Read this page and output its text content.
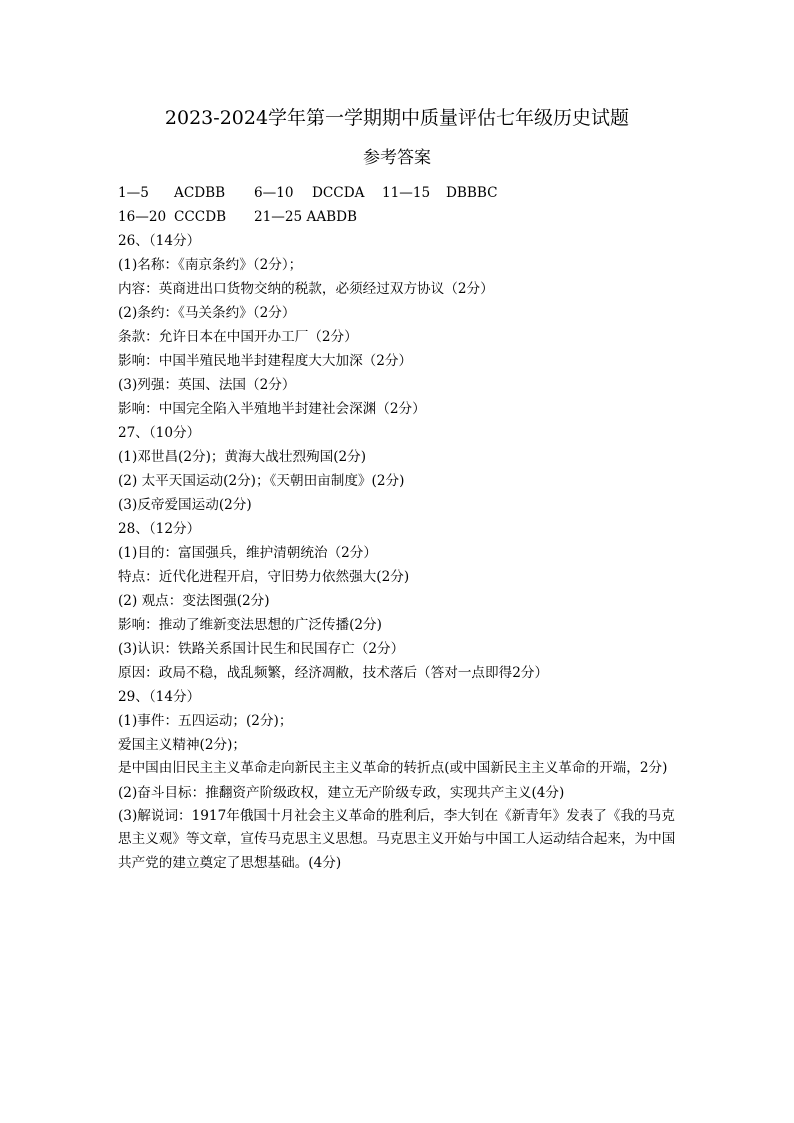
2023-2024学年第一学期期中质量评估七年级历史试题
参考答案
1—5 ACDBB 6—10 DCCDA 11—15 DBBBC
16—20 CCCDB 21—25 AABDB
26、（14分）
(1)名称：《南京条约》（2分）；
内容：英商进出口货物交纳的税款，必须经过双方协议（2分）
(2)条约：《马关条约》（2分）
条款：允许日本在中国开办工厂（2分）
影响：中国半殖民地半封建程度大大加深（2分）
(3)列强：英国、法国（2分）
影响：中国完全陷入半殖地半封建社会深渊（2分）
27、（10分）
(1)邓世昌(2分)；黄海大战壮烈殉国(2分)
(2) 太平天国运动(2分)；《天朝田亩制度》(2分)
(3)反帝爱国运动(2分)
28、（12分）
(1)目的：富国强兵，维护清朝统治（2分）
特点：近代化进程开启，守旧势力依然强大(2分)
(2) 观点：变法图强(2分)
影响：推动了维新变法思想的广泛传播(2分)
(3)认识：铁路关系国计民生和民国存亡（2分）
原因：政局不稳，战乱频繁，经济凋敝，技术落后（答对一点即得2分）
29、（14分）
(1)事件：五四运动；(2分)；
爱国主义精神(2分)；
是中国由旧民主主义革命走向新民主主义革命的转折点(或中国新民主主义革命的开端，2分)
(2)奋斗目标：推翻资产阶级政权，建立无产阶级专政，实现共产主义(4分)
(3)解说词：1917年俄国十月社会主义革命的胜利后，李大钊在《新青年》发表了《我的马克思主义观》等文章，宣传马克思主义思想。马克思主义开始与中国工人运动结合起来，为中国共产党的建立奠定了思想基础。(4分)
